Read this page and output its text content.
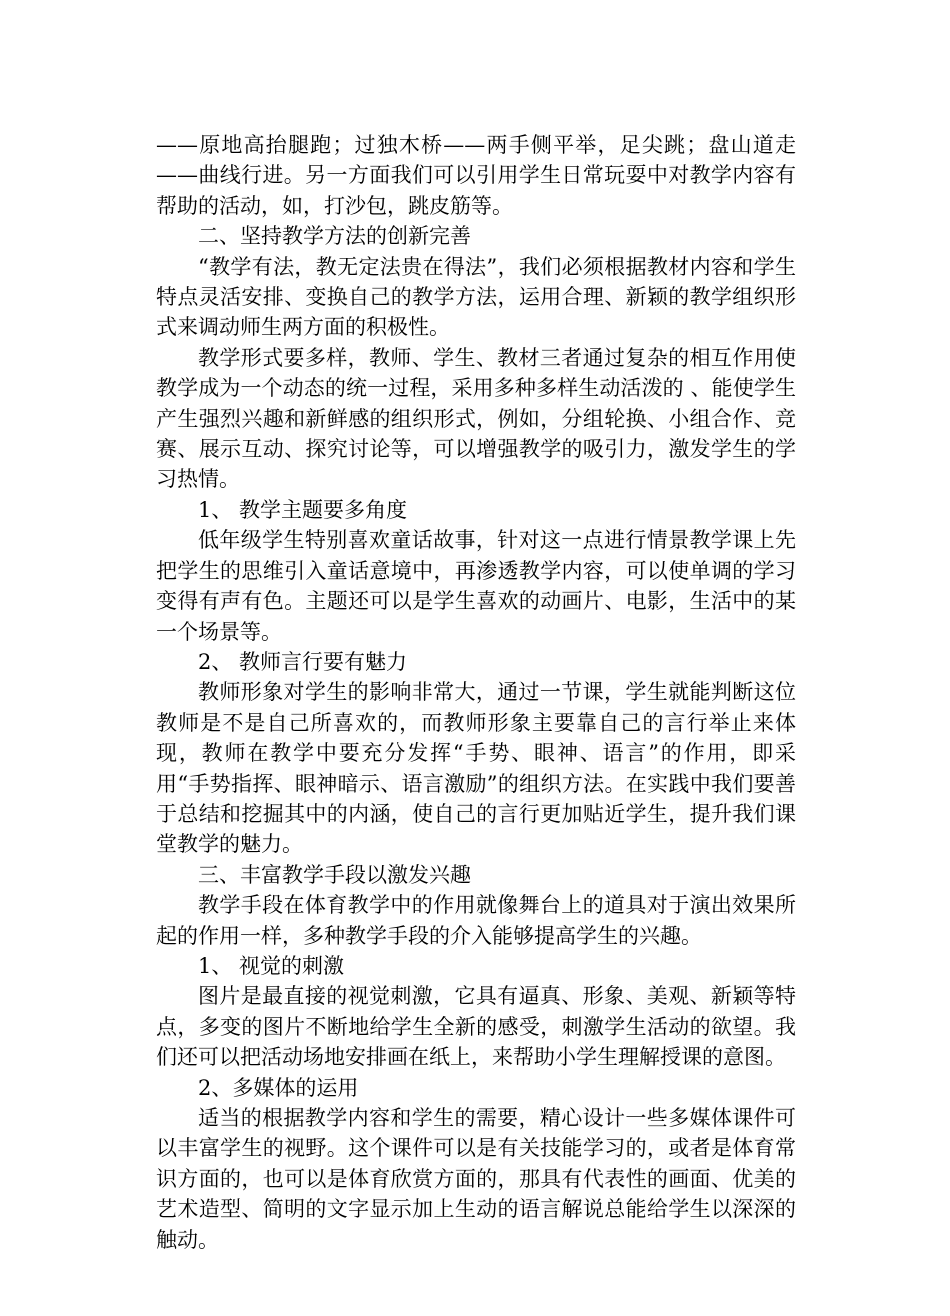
——原地高抬腿跑；过独木桥——两手侧平举，足尖跳；盘山道走——曲线行进。另一方面我们可以引用学生日常玩耍中对教学内容有帮助的活动，如，打沙包，跳皮筋等。

二、坚持教学方法的创新完善

“教学有法，教无定法贵在得法”，我们必须根据教材内容和学生特点灵活安排、变换自己的教学方法，运用合理、新颖的教学组织形式来调动师生两方面的积极性。

教学形式要多样，教师、学生、教材三者通过复杂的相互作用使教学成为一个动态的统一过程，采用多种多样生动活泼的 、能使学生产生强烈兴趣和新鲜感的组织形式，例如，分组轮换、小组合作、竞赛、展示互动、探究讨论等，可以增强教学的吸引力，激发学生的学习热情。

1、 教学主题要多角度

低年级学生特别喜欢童话故事，针对这一点进行情景教学课上先把学生的思维引入童话意境中，再渗透教学内容，可以使单调的学习变得有声有色。主题还可以是学生喜欢的动画片、电影，生活中的某一个场景等。

2、 教师言行要有魅力

教师形象对学生的影响非常大，通过一节课，学生就能判断这位教师是不是自己所喜欢的，而教师形象主要靠自己的言行举止来体现，教师在教学中要充分发挥“手势、眼神、语言”的作用，即采用“手势指挥、眼神暗示、语言激励”的组织方法。在实践中我们要善于总结和挖掘其中的内涵，使自己的言行更加贴近学生，提升我们课堂教学的魅力。

三、丰富教学手段以激发兴趣

教学手段在体育教学中的作用就像舞台上的道具对于演出效果所起的作用一样，多种教学手段的介入能够提高学生的兴趣。

1、 视觉的刺激

图片是最直接的视觉刺激，它具有逼真、形象、美观、新颖等特点，多变的图片不断地给学生全新的感受，刺激学生活动的欲望。我们还可以把活动场地安排画在纸上，来帮助小学生理解授课的意图。

2、多媒体的运用

适当的根据教学内容和学生的需要，精心设计一些多媒体课件可以丰富学生的视野。这个课件可以是有关技能学习的，或者是体育常识方面的，也可以是体育欣赏方面的，那具有代表性的画面、优美的艺术造型、简明的文字显示加上生动的语言解说总能给学生以深深的触动。
